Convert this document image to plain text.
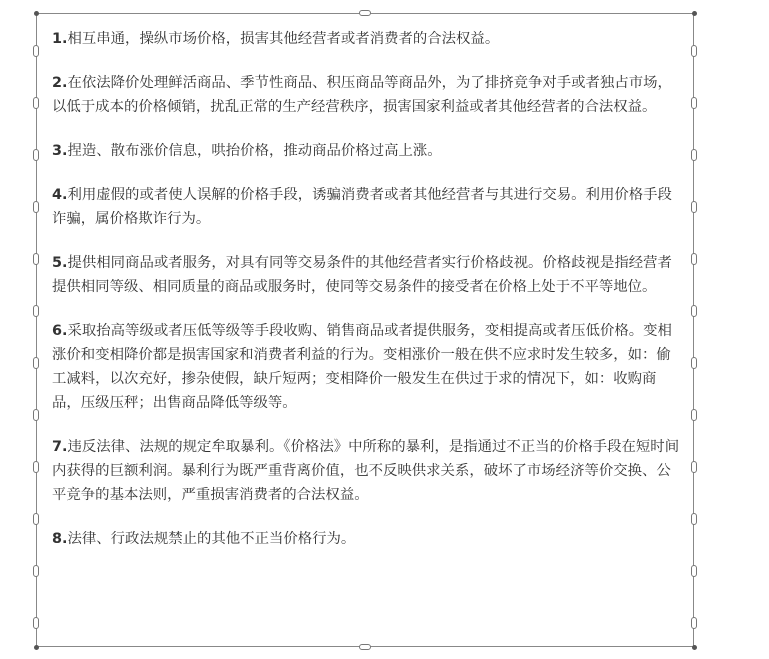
1.相互串通，操纵市场价格，损害其他经营者或者消费者的合法权益。

2.在依法降价处理鲜活商品、季节性商品、积压商品等商品外，为了排挤竞争对手或者独占市场，以低于成本的价格倾销，扰乱正常的生产经营秩序，损害国家利益或者其他经营者的合法权益。

3.捏造、散布涨价信息，哄抬价格，推动商品价格过高上涨。

4.利用虚假的或者使人误解的价格手段，诱骗消费者或者其他经营者与其进行交易。利用价格手段诈骗，属价格欺诈行为。

5.提供相同商品或者服务，对具有同等交易条件的其他经营者实行价格歧视。价格歧视是指经营者提供相同等级、相同质量的商品或服务时，使同等交易条件的接受者在价格上处于不平等地位。

6.采取抬高等级或者压低等级等手段收购、销售商品或者提供服务，变相提高或者压低价格。变相涨价和变相降价都是损害国家和消费者利益的行为。变相涨价一般在供不应求时发生较多，如：偷工减料，以次充好，掺杂使假，缺斤短两；变相降价一般发生在供过于求的情况下，如：收购商品，压级压秤；出售商品降低等级等。

7.违反法律、法规的规定牟取暴利。《价格法》中所称的暴利，是指通过不正当的价格手段在短时间内获得的巨额利润。暴利行为既严重背离价值，也不反映供求关系，破坏了市场经济等价交换、公平竞争的基本法则，严重损害消费者的合法权益。

8.法律、行政法规禁止的其他不正当价格行为。
